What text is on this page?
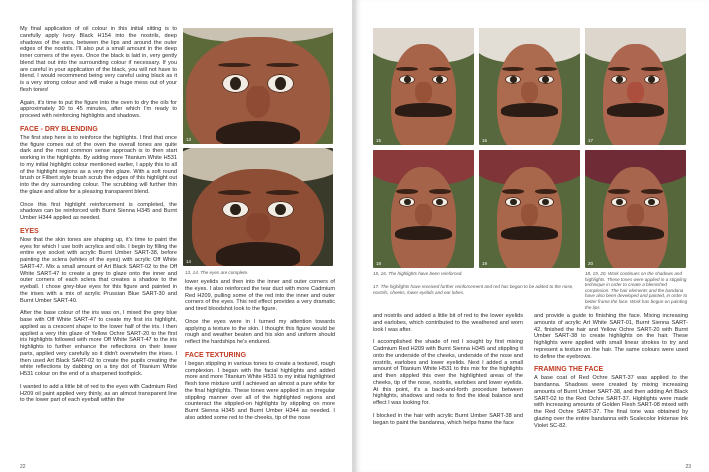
My final application of oil colour in this initial sitting is to carefully apply Ivory Black H154 into the nostrils, deep shadows of the ears, between the lips and around the outer edges of the nostrils. I'll also put a small amount in the deep inner corners of the eyes. Once the black is laid in, very gently blend that out into the surrounding colour if necessary. If you are careful in your application of the black, you will not have to blend. I would recommend being very careful using black as it is a very strong colour and will make a huge mess out of your flesh tones!

Again, it's time to put the figure into the oven to dry the oils for approximately 30 to 45 minutes, after which I'm ready to proceed with reinforcing highlights and shadows.

FACE - DRY BLENDING

The first step here is to reinforce the highlights. I find that once the figure comes out of the oven the overall tones are quite dark and the most common sense approach is to then start working in the highlights. By adding more Titanium White H531 to my initial highlight colour mentioned earlier, I apply this to all of the highlight regions as a very thin glaze. With a soft round brush or Filbert style brush scrub the edges of this highlight out into the dry surrounding colour. The scrubbing will further thin the glaze and allow for a pleasing transparent blend.

Once this first highlight reinforcement is completed, the shadows can be reinforced with Burnt Sienna H345 and Burnt Umber H344 applied as needed.

EYES

Now that the skin tones are shaping up, it's time to paint the eyes for which I use both acrylics and oils. I begin by filling the entire eye socket with acrylic Burnt Umber SART-38, before painting the sclera (whites of the eyes) with acrylic Off White SART-47. Mix a small amount of Art Black SART-02 to the Off White SART-47 to create a grey to glaze onto the inner and outer corners of each sclera that creates a shadow to the eyeball. I chose grey-blue eyes for this figure and painted in the irises with a mix of acrylic Prussian Blue SART-30 and Burnt Umber SART-40.

After the base colour of the iris was on, I mixed the grey blue base with Off White SART-47 to create my first iris highlight, applied as a crescent shape to the lower half of the iris. I then applied a very thin glaze of Yellow Ochre SART-20 to the first iris highlights followed with more Off White SART-47 to the iris highlights to further enhance the reflections on their lower parts, applied very carefully so it didn't overwhelm the irises. I then used Art Black SART-02 to create the pupils creating the white reflections by dabbing on a tiny dot of Titanium White H531 colour on the end of a sharpened toothpick.

I wanted to add a little bit of red to the eyes with Cadmium Red H209 oil paint applied very thinly, as an almost transparent line to the lower part of each eyeball within the

13
14
13, 14. The eyes are complete.

lower eyelids and then into the inner and outer corners of the eyes. I also reinforced the tear duct with more Cadmium Red H209, pulling some of the red into the inner and outer corners of the eyes. This red effect provides a very dramatic and tired bloodshot look to the figure.

Once the eyes were in I turned my attention towards applying a texture to the skin. I thought this figure would be rough and weather beaten and his skin and uniform should reflect the hardships he's endured.

FACE TEXTURING

I began stippling in various tones to create a textured, rough complexion. I began with the facial highlights and added more and more Titanium White H531 to my initial highlighted flesh tone mixture until I achieved an almost a pure white for the final highlights. These tones were applied in an irregular stippling manner over all of the highlighted regions and counteract the stippled-on highlights by stippling on more Burnt Sienna H345 and Burnt Umber H344 as needed. I also added some red to the cheeks, tip of the nose

22
15	16	17
18	19	20
15, 16. The highlights have been reinforced.
17. The highlights have received further reinforcement and red has begun to be added to the nose, nostrils, cheeks, lower eyelids and ear lobes.
18, 19, 20. Work continues on the shadows and highlights. These tones were applied in a stippling technique in order to create a blemished complexion. The hair elements and the bandana have also been developed and painted, in order to better frame the face. Work has begun on painting the lips.

and nostrils and added a little bit of red to the lower eyelids and earlobes, which contributed to the weathered and worn look I was after.

I accomplished the shade of red I sought by first mixing Cadmium Red H209 with Burnt Sienna H345 and stippling it onto the underside of the cheeks, underside of the nose and nostrils, earlobes and lower eyelids. Next I added a small amount of Titanium White H531 to this mix for the highlights and then stippled this over the highlighted areas of the cheeks, tip of the nose, nostrils, earlobes and lower eyelids. At this point, it's a back-and-forth procedure between highlights, shadows and reds to find the ideal balance and effect I was looking for.

I blocked in the hair with acrylic Burnt Umber SART-38 and began to paint the bandanna, which helps frame the face

and provide a guide to finishing the face. Mixing increasing amounts of acrylic Art White SART-01, Burnt Sienna SART-42, finished the hair and Yellow Ochre SART-20 with Burnt Umber SART-38 to create highlights on the hair. These highlights were applied with small linear strokes to try and represent a texture on the hair. The same colours were used to define the eyebrows.

FRAMING THE FACE

A base coat of Red Ochre SART-37 was applied to the bandanna. Shadows were created by mixing increasing amounts of Burnt Umber SART-38, and then adding Art Black SART-02 to the Red Ochre SART-37. Highlights were made with increasing amounts of Golden Flesh SART-08 mixed with the Red Ochre SART-37. The final tone was obtained by glazing over the entire bandanna with Scalecolor Inktense Ink Violet SC-82.

23
